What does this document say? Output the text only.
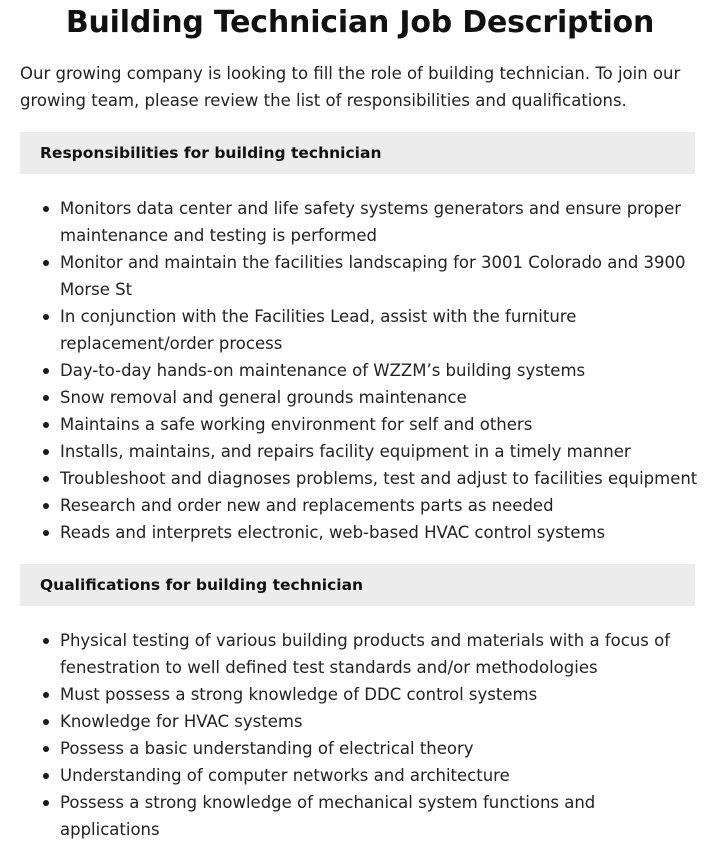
Building Technician Job Description

Our growing company is looking to fill the role of building technician. To join our growing team, please review the list of responsibilities and qualifications.

Responsibilities for building technician
Monitors data center and life safety systems generators and ensure proper maintenance and testing is performed
Monitor and maintain the facilities landscaping for 3001 Colorado and 3900 Morse St
In conjunction with the Facilities Lead, assist with the furniture replacement/order process
Day-to-day hands-on maintenance of WZZM’s building systems
Snow removal and general grounds maintenance
Maintains a safe working environment for self and others
Installs, maintains, and repairs facility equipment in a timely manner
Troubleshoot and diagnoses problems, test and adjust to facilities equipment
Research and order new and replacements parts as needed
Reads and interprets electronic, web-based HVAC control systems
Qualifications for building technician
Physical testing of various building products and materials with a focus of fenestration to well defined test standards and/or methodologies
Must possess a strong knowledge of DDC control systems
Knowledge for HVAC systems
Possess a basic understanding of electrical theory
Understanding of computer networks and architecture
Possess a strong knowledge of mechanical system functions and applications
